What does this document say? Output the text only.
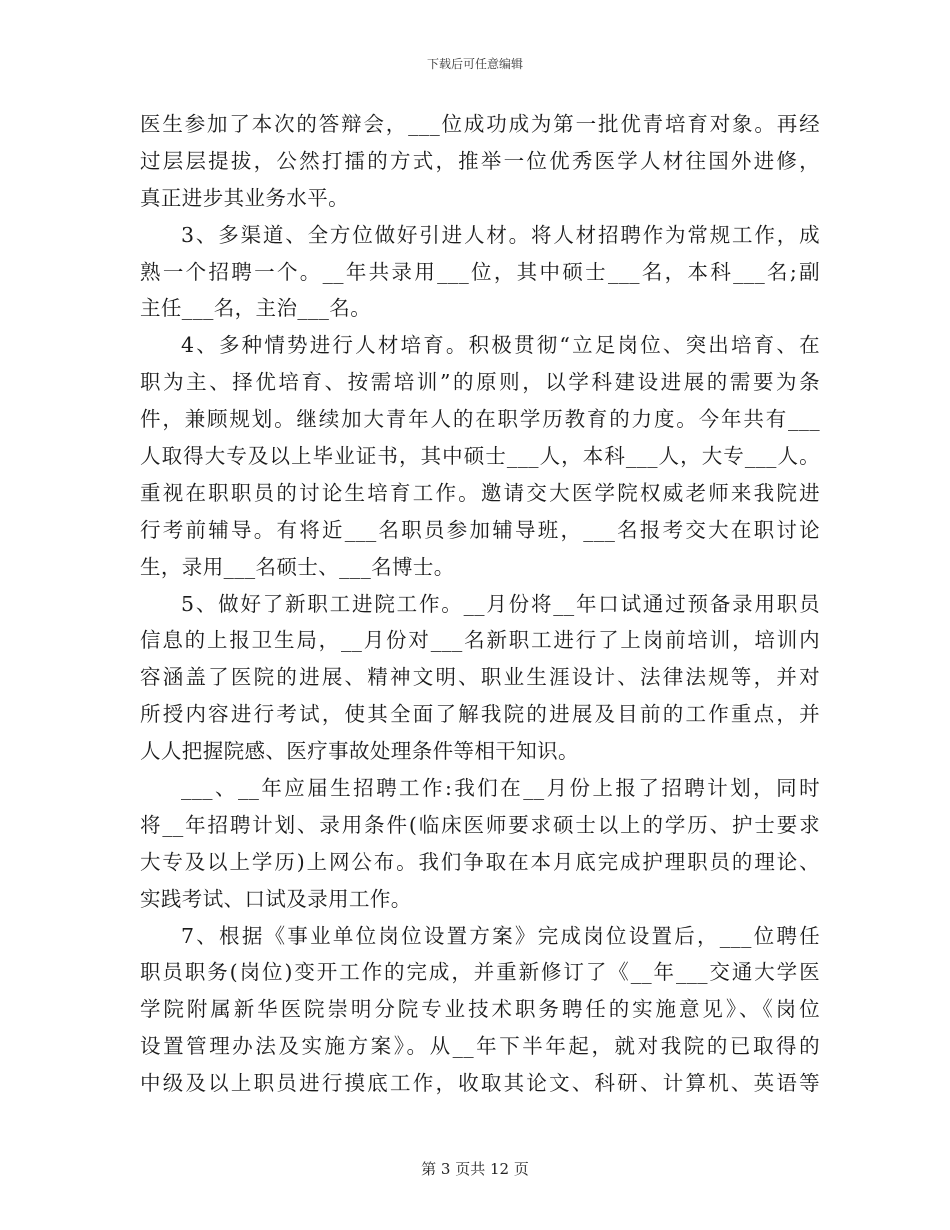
下载后可任意编辑
医生参加了本次的答辩会，___位成功成为第一批优青培育对象。再经
过层层提拔，公然打擂的方式，推举一位优秀医学人材往国外进修，
真正进步其业务水平。
3、多渠道、全方位做好引进人材。将人材招聘作为常规工作，成
熟一个招聘一个。__年共录用___位，其中硕士___名，本科___名;副
主任___名，主治___名。
4、多种情势进行人材培育。积极贯彻“立足岗位、突出培育、在
职为主、择优培育、按需培训”的原则，以学科建设进展的需要为条
件，兼顾规划。继续加大青年人的在职学历教育的力度。今年共有___
人取得大专及以上毕业证书，其中硕士___人，本科___人，大专___人。
重视在职职员的讨论生培育工作。邀请交大医学院权威老师来我院进
行考前辅导。有将近___名职员参加辅导班，___名报考交大在职讨论
生，录用___名硕士、___名博士。
5、做好了新职工进院工作。__月份将__年口试通过预备录用职员
信息的上报卫生局，__月份对___名新职工进行了上岗前培训，培训内
容涵盖了医院的进展、精神文明、职业生涯设计、法律法规等，并对
所授内容进行考试，使其全面了解我院的进展及目前的工作重点，并
人人把握院感、医疗事故处理条件等相干知识。
___、__年应届生招聘工作:我们在__月份上报了招聘计划，同时
将__年招聘计划、录用条件(临床医师要求硕士以上的学历、护士要求
大专及以上学历)上网公布。我们争取在本月底完成护理职员的理论、
实践考试、口试及录用工作。
7、根据《事业单位岗位设置方案》完成岗位设置后，___位聘任
职员职务(岗位)变开工作的完成，并重新修订了《__年___交通大学医
学院附属新华医院崇明分院专业技术职务聘任的实施意见》、《岗位
设置管理办法及实施方案》。从__年下半年起，就对我院的已取得的
中级及以上职员进行摸底工作，收取其论文、科研、计算机、英语等
第 3 页共 12 页
